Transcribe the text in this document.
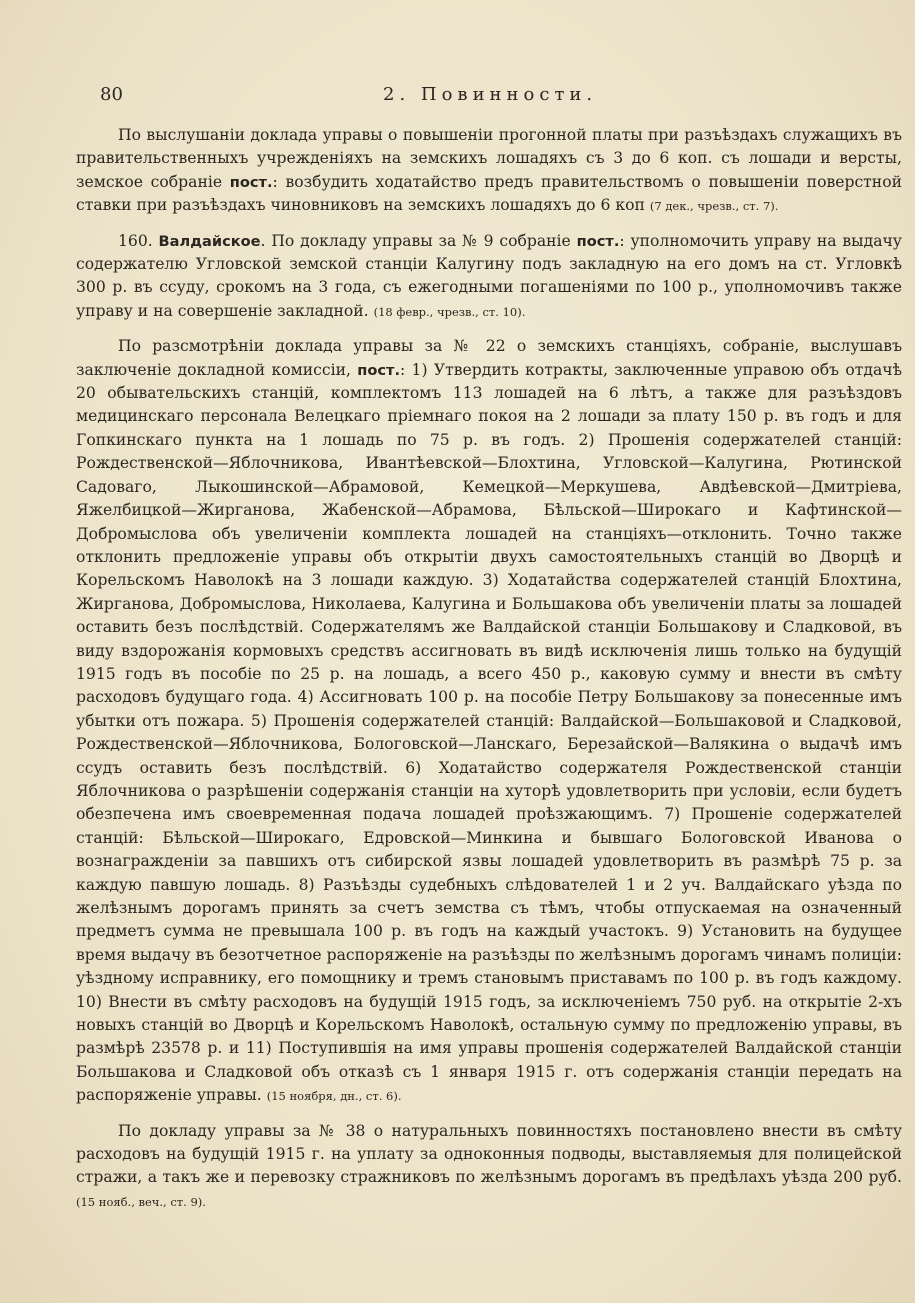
80	2. Повинности.

По выслушаніи доклада управы о повышеніи прогонной платы при разъѣздахъ служащихъ въ правительственныхъ учрежденіяхъ на земскихъ лошадяхъ съ 3 до 6 коп. съ лошади и версты, земское собраніе пост.: возбудить ходатайство предъ правительствомъ о повышеніи поверстной ставки при разъѣздахъ чиновниковъ на земскихъ лошадяхъ до 6 коп (7 дек., чрезв., ст. 7).

160. Валдайское. По докладу управы за № 9 собраніе пост.: уполномочить управу на выдачу содержателю Угловской земской станціи Калугину подъ закладную на его домъ на ст. Угловкѣ 300 р. въ ссуду, срокомъ на 3 года, съ ежегодными погашеніями по 100 р., уполномочивъ также управу и на совершеніе закладной. (18 февр., чрезв., ст. 10).

По разсмотрѣніи доклада управы за № 22 о земскихъ станціяхъ, собраніе, выслушавъ заключеніе докладной комиссіи, пост.: 1) Утвердить котракты, заключенные управою объ отдачѣ 20 обывательскихъ станцій, комплектомъ 113 лошадей на 6 лѣтъ, а также для разъѣздовъ медицинскаго персонала Велецкаго пріемнаго покоя на 2 лошади за плату 150 р. въ годъ и для Гопкинскаго пункта на 1 лошадь по 75 р. въ годъ. 2) Прошенія содержателей станцій: Рождественской—Яблочникова, Ивантѣевской—Блохтина, Угловской—Калугина, Рютинской Садоваго, Лыкошинской—Абрамовой, Кемецкой—Меркушева, Авдѣевской—Дмитріева, Яжелбицкой—Жирганова, Жабенской—Абрамова, Бѣльской—Широкаго и Кафтинской—Добромыслова объ увеличеніи комплекта лошадей на станціяхъ—отклонить. Точно также отклонить предложеніе управы объ открытіи двухъ самостоятельныхъ станцій во Дворцѣ и Корельскомъ Наволокѣ на 3 лошади каждую. 3) Ходатайства содержателей станцій Блохтина, Жирганова, Добромыслова, Николаева, Калугина и Большакова объ увеличеніи платы за лошадей оставить безъ послѣдствій. Содержателямъ же Валдайской станціи Большакову и Сладковой, въ виду вздорожанія кормовыхъ средствъ ассигновать въ видѣ исключенія лишь только на будущій 1915 годъ въ пособіе по 25 р. на лошадь, а всего 450 р., каковую сумму и внести въ смѣту расходовъ будущаго года. 4) Ассигновать 100 р. на пособіе Петру Большакову за понесенные имъ убытки отъ пожара. 5) Прошенія содержателей станцій: Валдайской—Большаковой и Сладковой, Рождественской—Яблочникова, Бологовской—Ланскаго, Березайской—Валякина о выдачѣ имъ ссудъ оставить безъ послѣдствій. 6) Ходатайство содержателя Рождественской станціи Яблочникова о разрѣшеніи содержанія станціи на хуторѣ удовлетворить при условіи, если будетъ обезпечена имъ своевременная подача лошадей проѣзжающимъ. 7) Прошеніе содержателей станцій: Бѣльской—Широкаго, Едровской—Минкина и бывшаго Бологовской Иванова о вознагражденіи за павшихъ отъ сибирской язвы лошадей удовлетворить въ размѣрѣ 75 р. за каждую павшую лошадь. 8) Разъѣзды судебныхъ слѣдователей 1 и 2 уч. Валдайскаго уѣзда по желѣзнымъ дорогамъ принять за счетъ земства съ тѣмъ, чтобы отпускаемая на означенный предметъ сумма не превышала 100 р. въ годъ на каждый участокъ. 9) Установить на будущее время выдачу въ безотчетное распоряженіе на разъѣзды по желѣзнымъ дорогамъ чинамъ полиціи: уѣздному исправнику, его помощнику и тремъ становымъ приставамъ по 100 р. въ годъ каждому. 10) Внести въ смѣту расходовъ на будущій 1915 годъ, за исключеніемъ 750 руб. на открытіе 2-хъ новыхъ станцій во Дворцѣ и Корельскомъ Наволокѣ, остальную сумму по предложенію управы, въ размѣрѣ 23578 р. и 11) Поступившія на имя управы прошенія содержателей Валдайской станціи Большакова и Сладковой объ отказѣ съ 1 января 1915 г. отъ содержанія станціи передать на распоряженіе управы. (15 ноября, дн., ст. 6).

По докладу управы за № 38 о натуральныхъ повинностяхъ постановлено внести въ смѣту расходовъ на будущій 1915 г. на уплату за одноконныя подводы, выставляемыя для полицейской стражи, а такъ же и перевозку стражниковъ по желѣзнымъ дорогамъ въ предѣлахъ уѣзда 200 руб. (15 нояб., веч., ст. 9).
